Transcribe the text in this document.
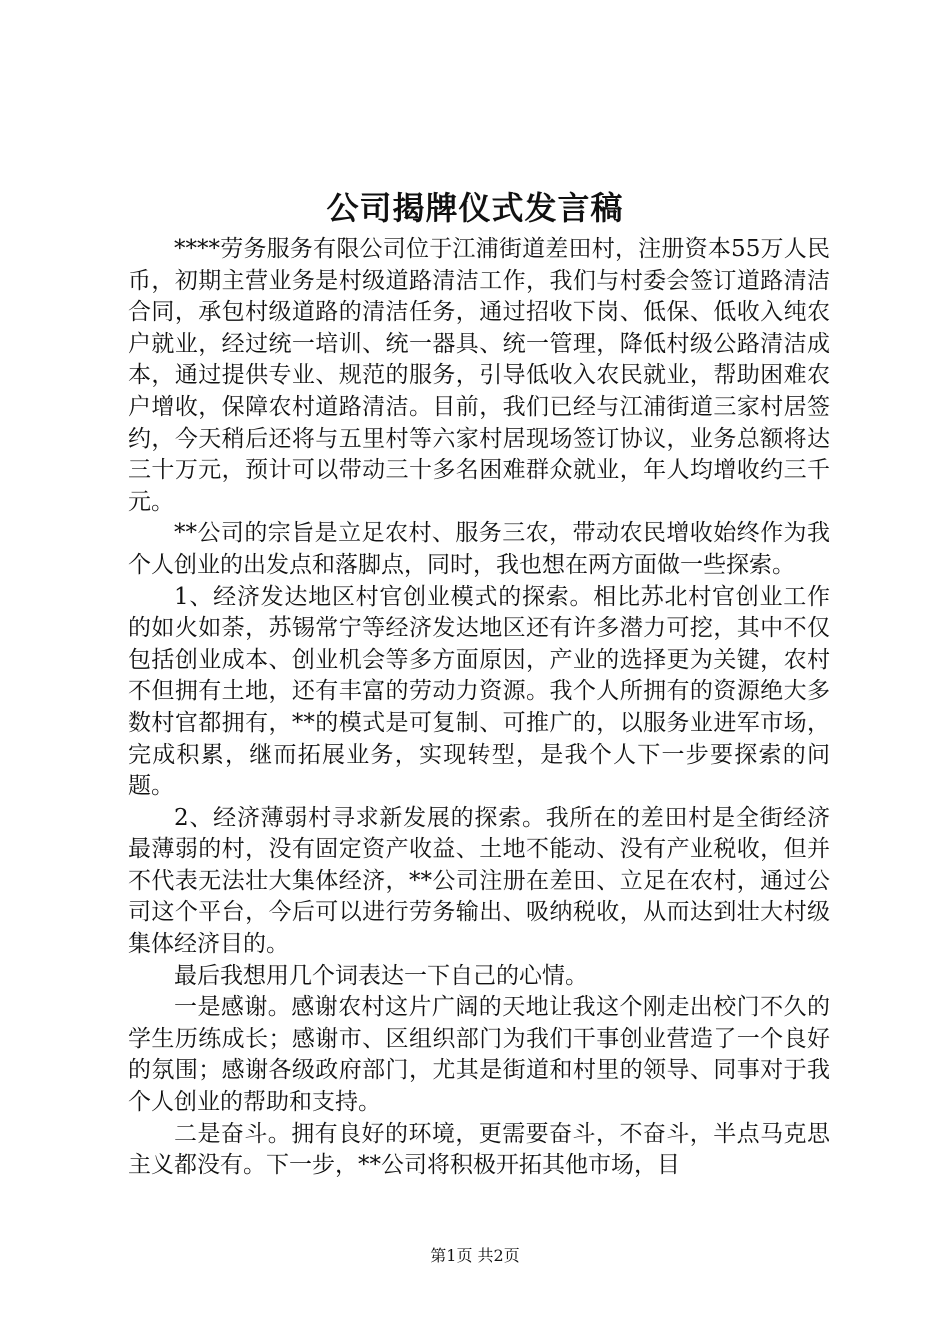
公司揭牌仪式发言稿

****劳务服务有限公司位于江浦街道差田村，注册资本55万人民币，初期主营业务是村级道路清洁工作，我们与村委会签订道路清洁合同，承包村级道路的清洁任务，通过招收下岗、低保、低收入纯农户就业，经过统一培训、统一器具、统一管理，降低村级公路清洁成本，通过提供专业、规范的服务，引导低收入农民就业，帮助困难农户增收，保障农村道路清洁。目前，我们已经与江浦街道三家村居签约，今天稍后还将与五里村等六家村居现场签订协议，业务总额将达三十万元，预计可以带动三十多名困难群众就业，年人均增收约三千元。

**公司的宗旨是立足农村、服务三农，带动农民增收始终作为我个人创业的出发点和落脚点，同时，我也想在两方面做一些探索。

1、经济发达地区村官创业模式的探索。相比苏北村官创业工作的如火如荼，苏锡常宁等经济发达地区还有许多潜力可挖，其中不仅包括创业成本、创业机会等多方面原因，产业的选择更为关键，农村不但拥有土地，还有丰富的劳动力资源。我个人所拥有的资源绝大多数村官都拥有，**的模式是可复制、可推广的，以服务业进军市场，完成积累，继而拓展业务，实现转型，是我个人下一步要探索的问题。

2、经济薄弱村寻求新发展的探索。我所在的差田村是全街经济最薄弱的村，没有固定资产收益、土地不能动、没有产业税收，但并不代表无法壮大集体经济，**公司注册在差田、立足在农村，通过公司这个平台，今后可以进行劳务输出、吸纳税收，从而达到壮大村级集体经济目的。

最后我想用几个词表达一下自己的心情。

一是感谢。感谢农村这片广阔的天地让我这个刚走出校门不久的学生历练成长；感谢市、区组织部门为我们干事创业营造了一个良好的氛围；感谢各级政府部门，尤其是街道和村里的领导、同事对于我个人创业的帮助和支持。

二是奋斗。拥有良好的环境，更需要奋斗，不奋斗，半点马克思主义都没有。下一步，**公司将积极开拓其他市场，目

第1页 共2页
